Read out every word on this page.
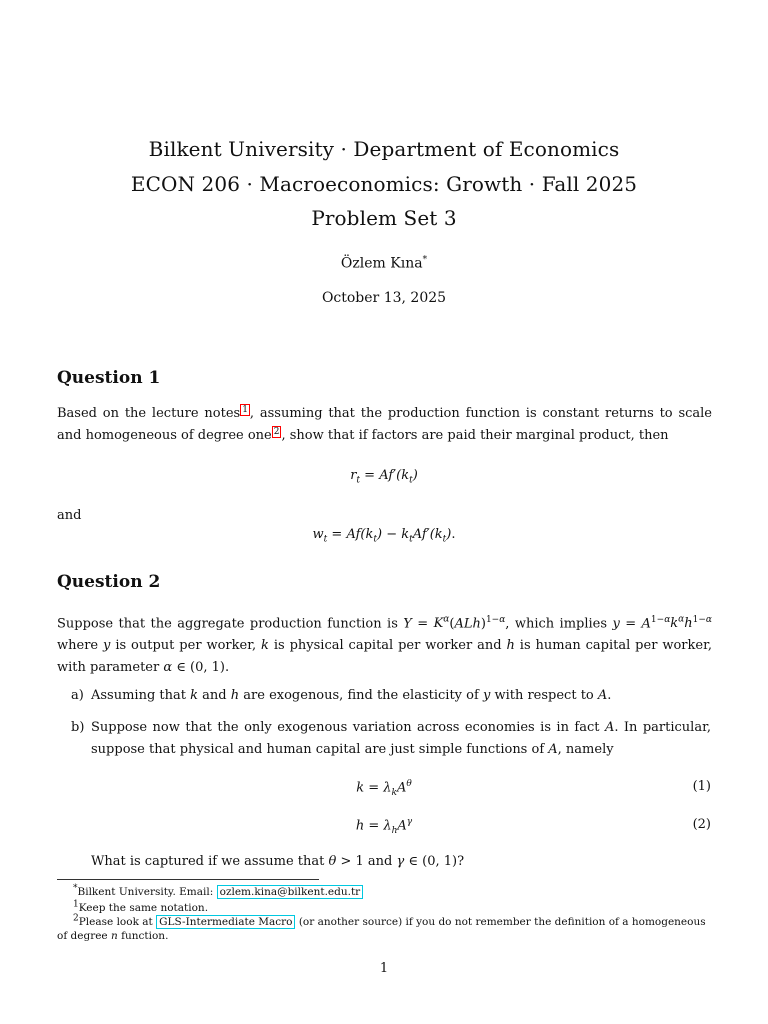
Bilkent University · Department of Economics
ECON 206 · Macroeconomics: Growth · Fall 2025
Problem Set 3
Özlem Kına*
October 13, 2025
Question 1
Based on the lecture notes 1 , assuming that the production function is constant returns to scale and homogeneous of degree one 2 , show that if factors are paid their marginal product, then
$r_t = Af'(k_t)$
and
$w_t = Af(k_t) - k_tAf'(k_t)$.
Question 2
Suppose that the aggregate production function is $Y = K^\alpha(ALh)^{1-\alpha}$, which implies $y = A^{1-\alpha}k^\alpha h^{1-\alpha}$ where y is output per worker, k is physical capital per worker and h is human capital per worker, with parameter α ∈ (0, 1).
a) Assuming that k and h are exogenous, find the elasticity of y with respect to A.
b) Suppose now that the only exogenous variation across economies is in fact A. In particular, suppose that physical and human capital are just simple functions of A, namely
$k = \lambda_kA^\theta$	(1)
$h = \lambda_hA^\gamma$	(2)
What is captured if we assume that θ > 1 and γ ∈ (0, 1)?
*Bilkent University. Email: ozlem.kina@bilkent.edu.tr
1Keep the same notation.
2Please look at GLS-Intermediate Macro (or another source) if you do not remember the definition of a homogeneous of degree n function.
1
